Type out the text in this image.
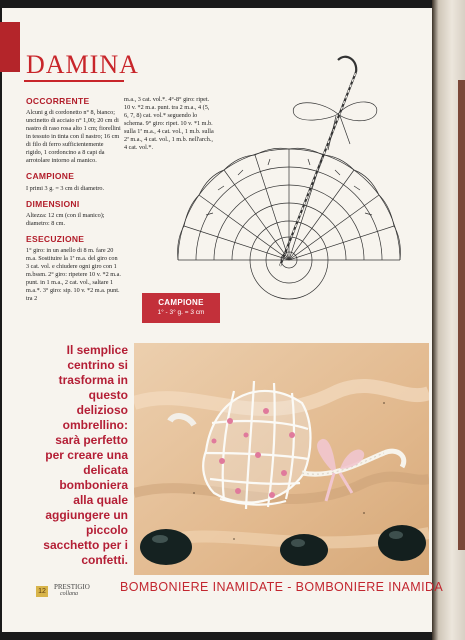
DAMINA
OCCORRENTE

Alcuni g di cordonetto n° 8, bianco; uncinetto di acciaio n° 1,00; 20 cm di nastro di raso rosa alto 1 cm; fiorellini in tessuto in tinta con il nastro; 16 cm di filo di ferro sufficientemente rigido, 1 cordoncino a 8 capi da arrotolare intorno al manico.

CAMPIONE

I primi 3 g. = 3 cm di diametro.

DIMENSIONI

Altezza: 12 cm (con il manico); diametro: 8 cm.

ESECUZIONE

1° giro: in un anello di 8 m. fare 20 m.a. Sostituire la 1ª m.a. del giro con 3 cat. vol. e chiudere ogni giro con 1 m.bssm. 2° giro: ripetere 10 v. *2 m.a. punt. in 1 m.a., 2 cat. vol., saltare 1 m.a.*. 3° giro: sip. 10 v. *2 m.a. punt. tra 2

m.a., 3 cat. vol.*. 4°-8° giro: ripet. 10 v. *2 m.a. punt. tra 2 m.a., 4 (5, 6, 7, 8) cat. vol.* seguendo lo schema. 9° giro: ripet. 10 v. *1 m.b. sulla 1ª m.a., 4 cat. vol., 1 m.b. sulla 2ª m.a., 4 cat. vol., 1 m.b. nell'arch., 4 cat. vol.*.

CAMPIONE
1° - 3° g. = 3 cm
Il semplice centrino si trasforma in questo delizioso ombrellino: sarà perfetto per creare una delicata bomboniera alla quale aggiungere un piccolo sacchetto per i confetti.
12
PRESTIGIO
collana	BOMBONIERE INAMIDATE - BOMBONIERE INAMIDA
